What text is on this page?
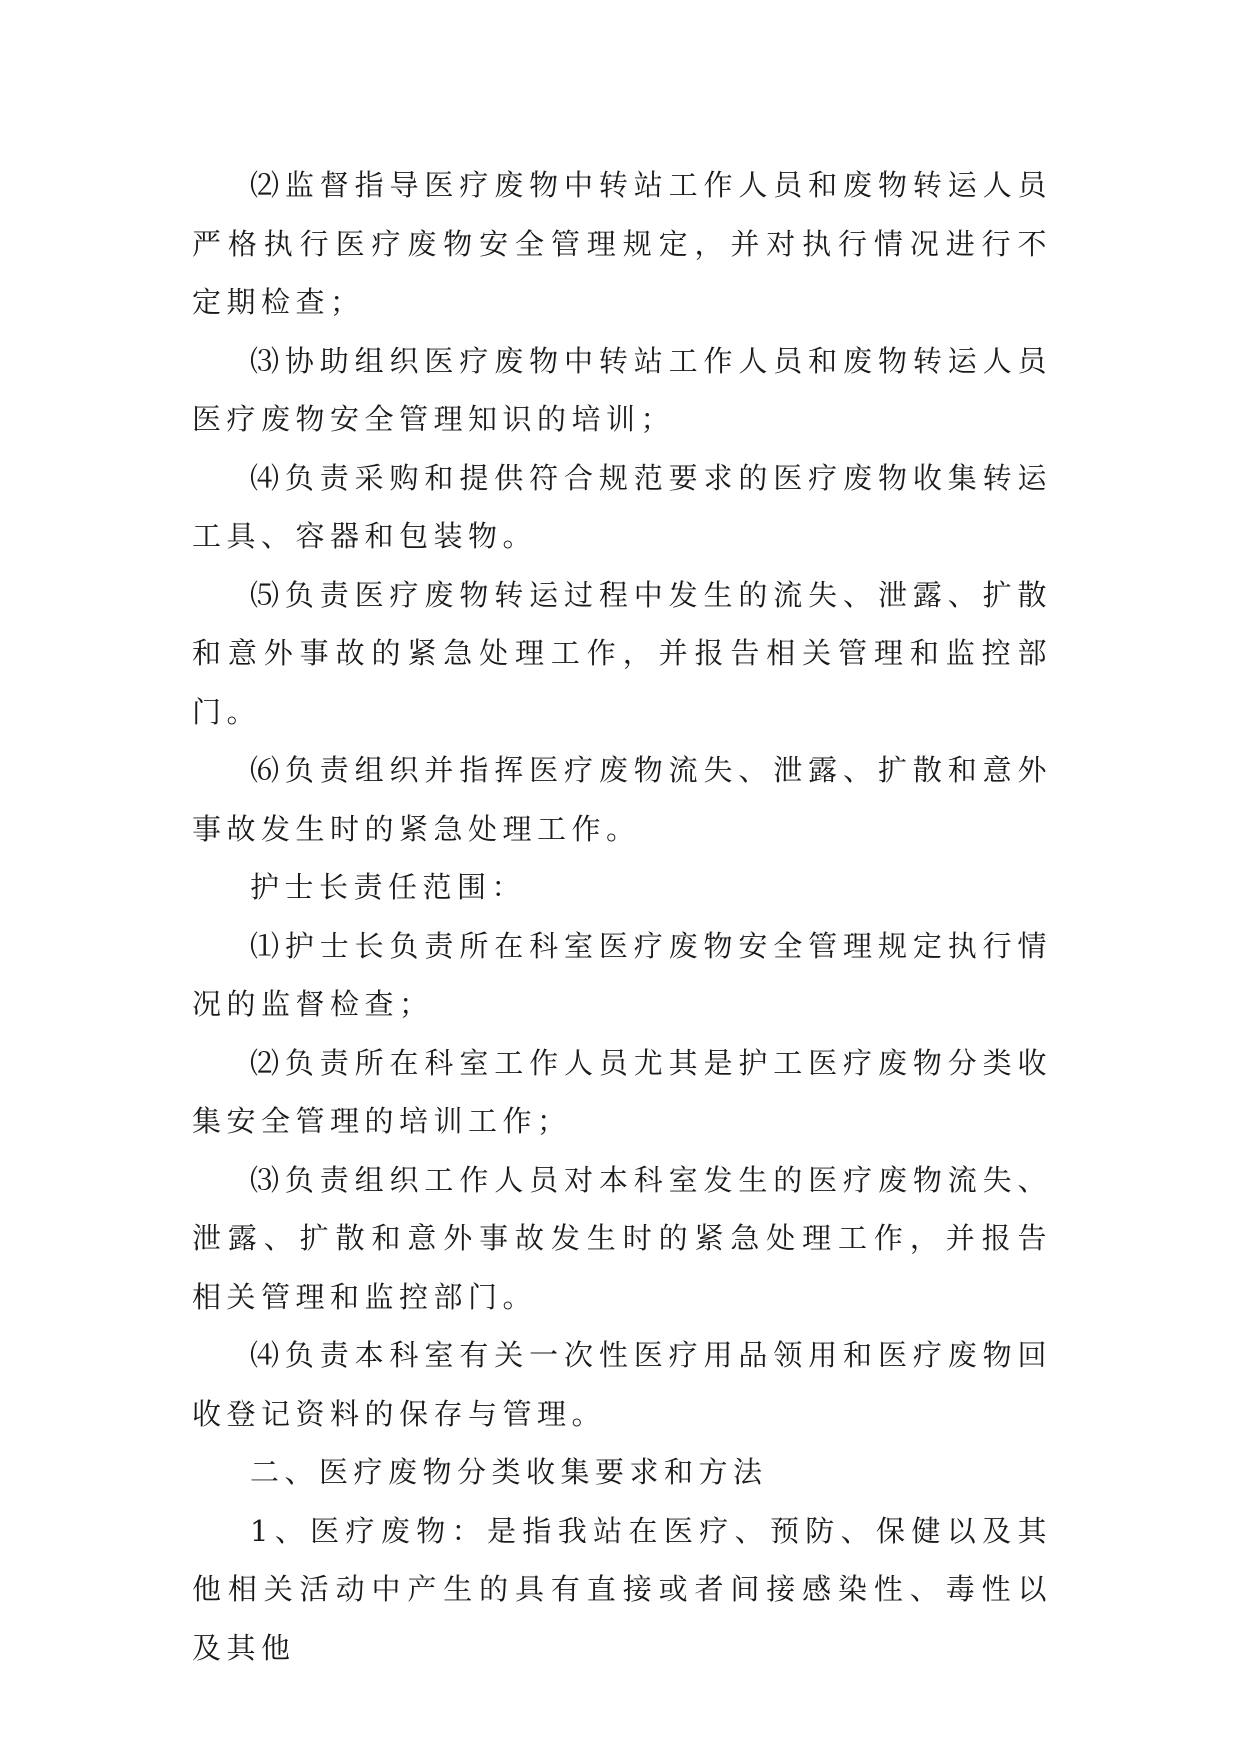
⑵监督指导医疗废物中转站工作人员和废物转运人员严格执行医疗废物安全管理规定，并对执行情况进行不定期检查；

⑶协助组织医疗废物中转站工作人员和废物转运人员医疗废物安全管理知识的培训；

⑷负责采购和提供符合规范要求的医疗废物收集转运工具、容器和包装物。

⑸负责医疗废物转运过程中发生的流失、泄露、扩散和意外事故的紧急处理工作，并报告相关管理和监控部门。

⑹负责组织并指挥医疗废物流失、泄露、扩散和意外事故发生时的紧急处理工作。

护士长责任范围：

⑴护士长负责所在科室医疗废物安全管理规定执行情况的监督检查；

⑵负责所在科室工作人员尤其是护工医疗废物分类收集安全管理的培训工作；

⑶负责组织工作人员对本科室发生的医疗废物流失、泄露、扩散和意外事故发生时的紧急处理工作，并报告相关管理和监控部门。

⑷负责本科室有关一次性医疗用品领用和医疗废物回收登记资料的保存与管理。

二、医疗废物分类收集要求和方法

1、医疗废物：是指我站在医疗、预防、保健以及其他相关活动中产生的具有直接或者间接感染性、毒性以及其他
